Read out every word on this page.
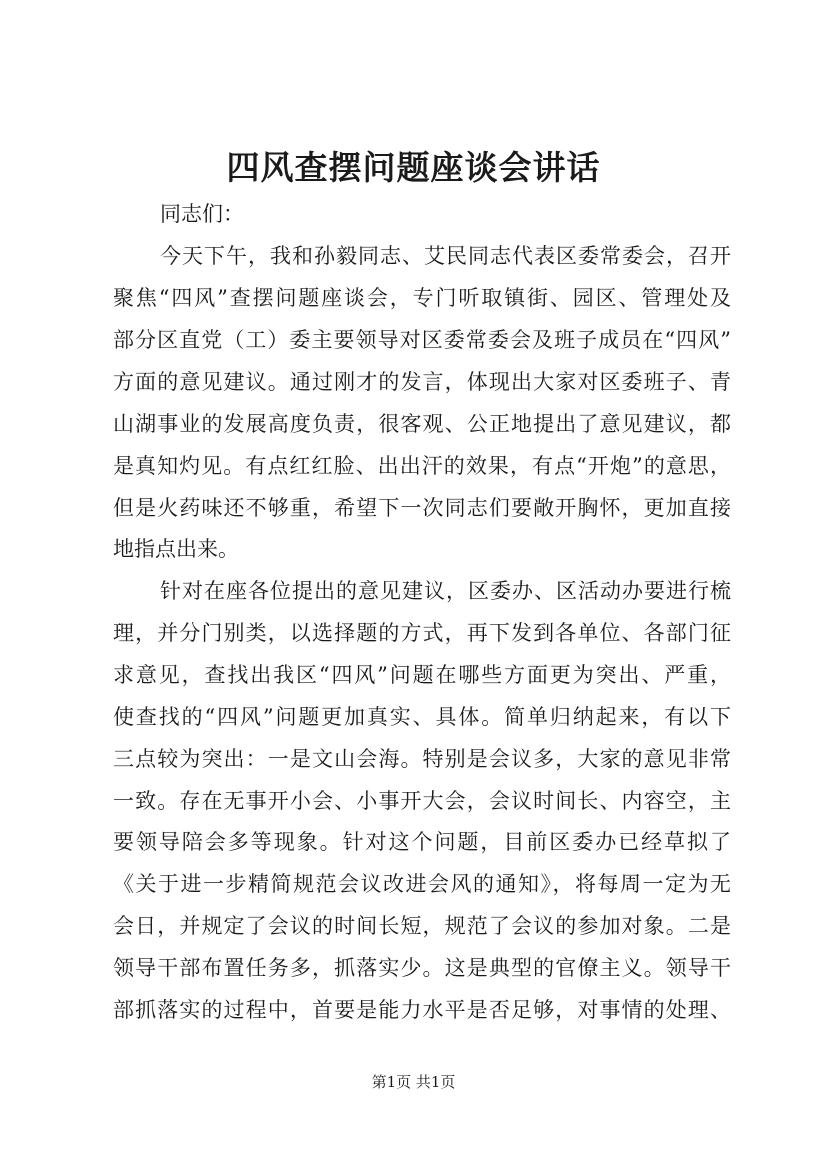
四风查摆问题座谈会讲话

同志们：

今天下午，我和孙毅同志、艾民同志代表区委常委会，召开

聚焦“四风”查摆问题座谈会，专门听取镇街、园区、管理处及

部分区直党（工）委主要领导对区委常委会及班子成员在“四风”

方面的意见建议。通过刚才的发言，体现出大家对区委班子、青

山湖事业的发展高度负责，很客观、公正地提出了意见建议，都

是真知灼见。有点红红脸、出出汗的效果，有点“开炮”的意思，

但是火药味还不够重，希望下一次同志们要敞开胸怀，更加直接

地指点出来。

针对在座各位提出的意见建议，区委办、区活动办要进行梳

理，并分门别类，以选择题的方式，再下发到各单位、各部门征

求意见，查找出我区“四风”问题在哪些方面更为突出、严重，

使查找的“四风”问题更加真实、具体。简单归纳起来，有以下

三点较为突出：一是文山会海。特别是会议多，大家的意见非常

一致。存在无事开小会、小事开大会，会议时间长、内容空，主

要领导陪会多等现象。针对这个问题，目前区委办已经草拟了

《关于进一步精简规范会议改进会风的通知》，将每周一定为无

会日，并规定了会议的时间长短，规范了会议的参加对象。二是

领导干部布置任务多，抓落实少。这是典型的官僚主义。领导干

部抓落实的过程中，首要是能力水平是否足够，对事情的处理、

第1页 共1页
